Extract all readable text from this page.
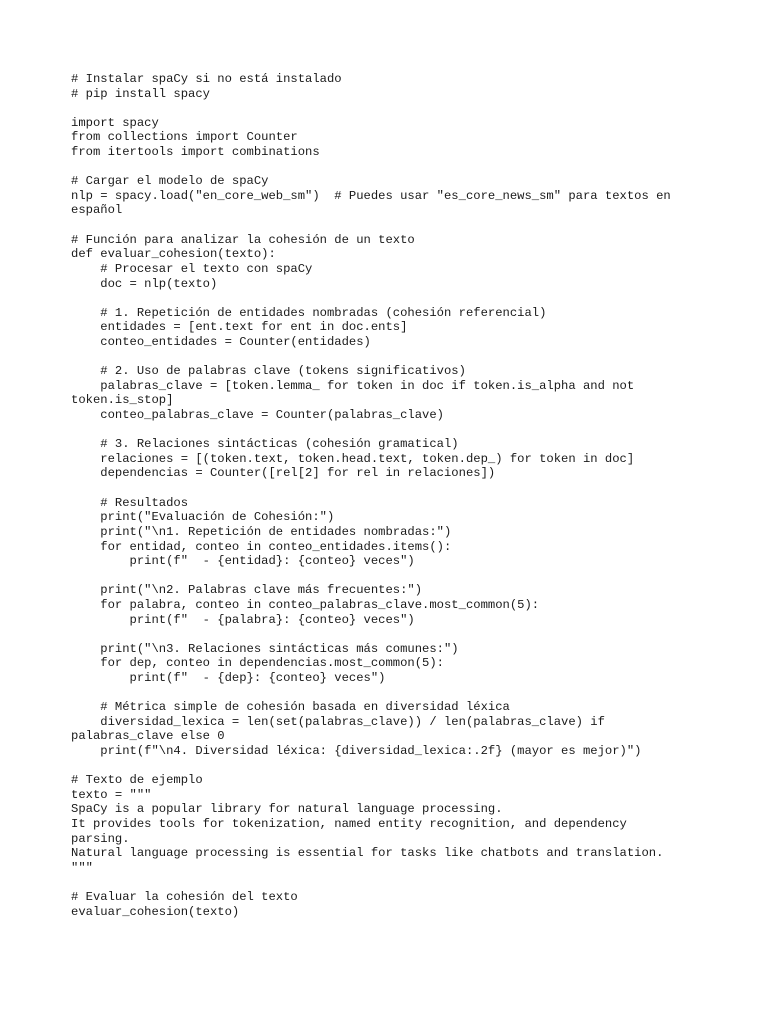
# Instalar spaCy si no está instalado
# pip install spacy
import spacy
from collections import Counter
from itertools import combinations
# Cargar el modelo de spaCy
nlp = spacy.load("en_core_web_sm")  # Puedes usar "es_core_news_sm" para textos en
español
# Función para analizar la cohesión de un texto
def evaluar_cohesion(texto):
# Procesar el texto con spaCy
doc = nlp(texto)
# 1. Repetición de entidades nombradas (cohesión referencial)
entidades = [ent.text for ent in doc.ents]
conteo_entidades = Counter(entidades)
# 2. Uso de palabras clave (tokens significativos)
palabras_clave = [token.lemma_ for token in doc if token.is_alpha and not
token.is_stop]
conteo_palabras_clave = Counter(palabras_clave)
# 3. Relaciones sintácticas (cohesión gramatical)
relaciones = [(token.text, token.head.text, token.dep_) for token in doc]
dependencias = Counter([rel[2] for rel in relaciones])
# Resultados
print("Evaluación de Cohesión:")
print("\n1. Repetición de entidades nombradas:")
for entidad, conteo in conteo_entidades.items():
print(f"  - {entidad}: {conteo} veces")
print("\n2. Palabras clave más frecuentes:")
for palabra, conteo in conteo_palabras_clave.most_common(5):
print(f"  - {palabra}: {conteo} veces")
print("\n3. Relaciones sintácticas más comunes:")
for dep, conteo in dependencias.most_common(5):
print(f"  - {dep}: {conteo} veces")
# Métrica simple de cohesión basada en diversidad léxica
diversidad_lexica = len(set(palabras_clave)) / len(palabras_clave) if
palabras_clave else 0
print(f"\n4. Diversidad léxica: {diversidad_lexica:.2f} (mayor es mejor)")
# Texto de ejemplo
texto = """
SpaCy is a popular library for natural language processing.
It provides tools for tokenization, named entity recognition, and dependency
parsing.
Natural language processing is essential for tasks like chatbots and translation.
"""
# Evaluar la cohesión del texto
evaluar_cohesion(texto)
